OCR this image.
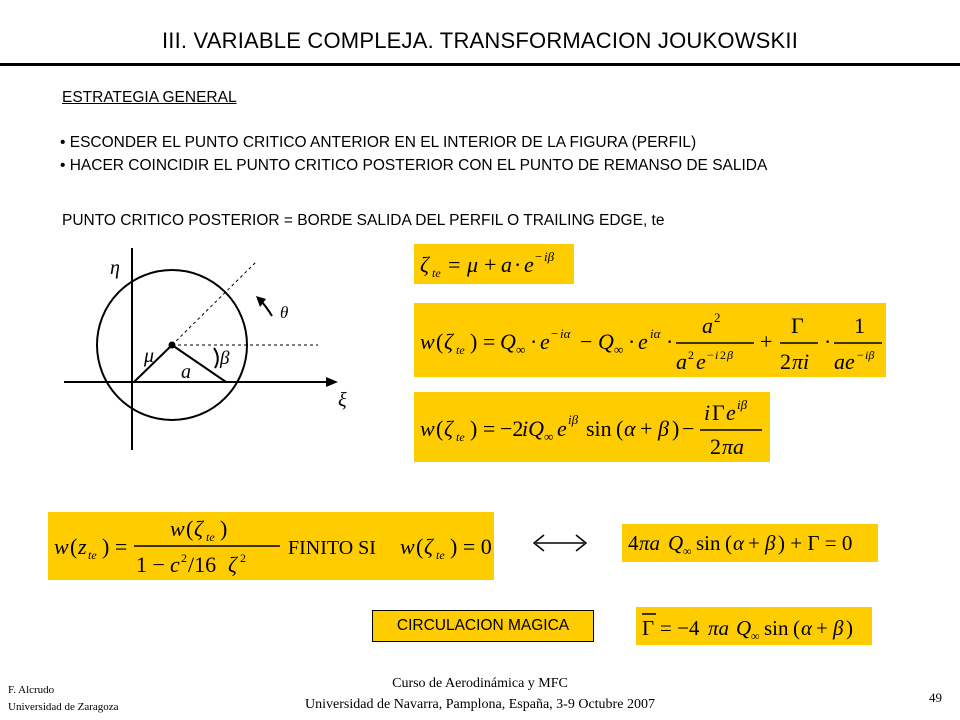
III. VARIABLE COMPLEJA. TRANSFORMACION JOUKOWSKII
ESTRATEGIA GENERAL
• ESCONDER EL PUNTO CRITICO ANTERIOR EN EL INTERIOR DE LA FIGURA (PERFIL)
• HACER COINCIDIR EL PUNTO CRITICO POSTERIOR CON EL PUNTO DE REMANSO DE SALIDA
PUNTO CRITICO POSTERIOR = BORDE SALIDA DEL PERFIL O TRAILING EDGE, te
η
θ
μ
a
β
ξ
ζ te = μ + a · e − iβ
w ( ζ te ) = Q ∞ · e − iα − Q ∞ · e iα ·
a 2
a 2 e − i 2 β
+
Γ
2 πi
·
1
ae − iβ
w ( ζ te ) = −2
iQ ∞ e iβ sin ( α + β ) −
i Γ e iβ
2 πa
w ( z te ) =
w ( ζ te )
1 − c 2 /16 ζ 2 FINITO SI w ( ζ te ) = 0	4 πa Q ∞ sin ( α + β ) + Γ = 0
CIRCULACION MAGICA	Γ = −4 πa Q ∞ sin ( α + β )
F. Alcrudo
Universidad de Zaragoza
Curso de Aerodinámica y MFC
Universidad de Navarra, Pamplona, España, 3-9 Octubre 2007	49
